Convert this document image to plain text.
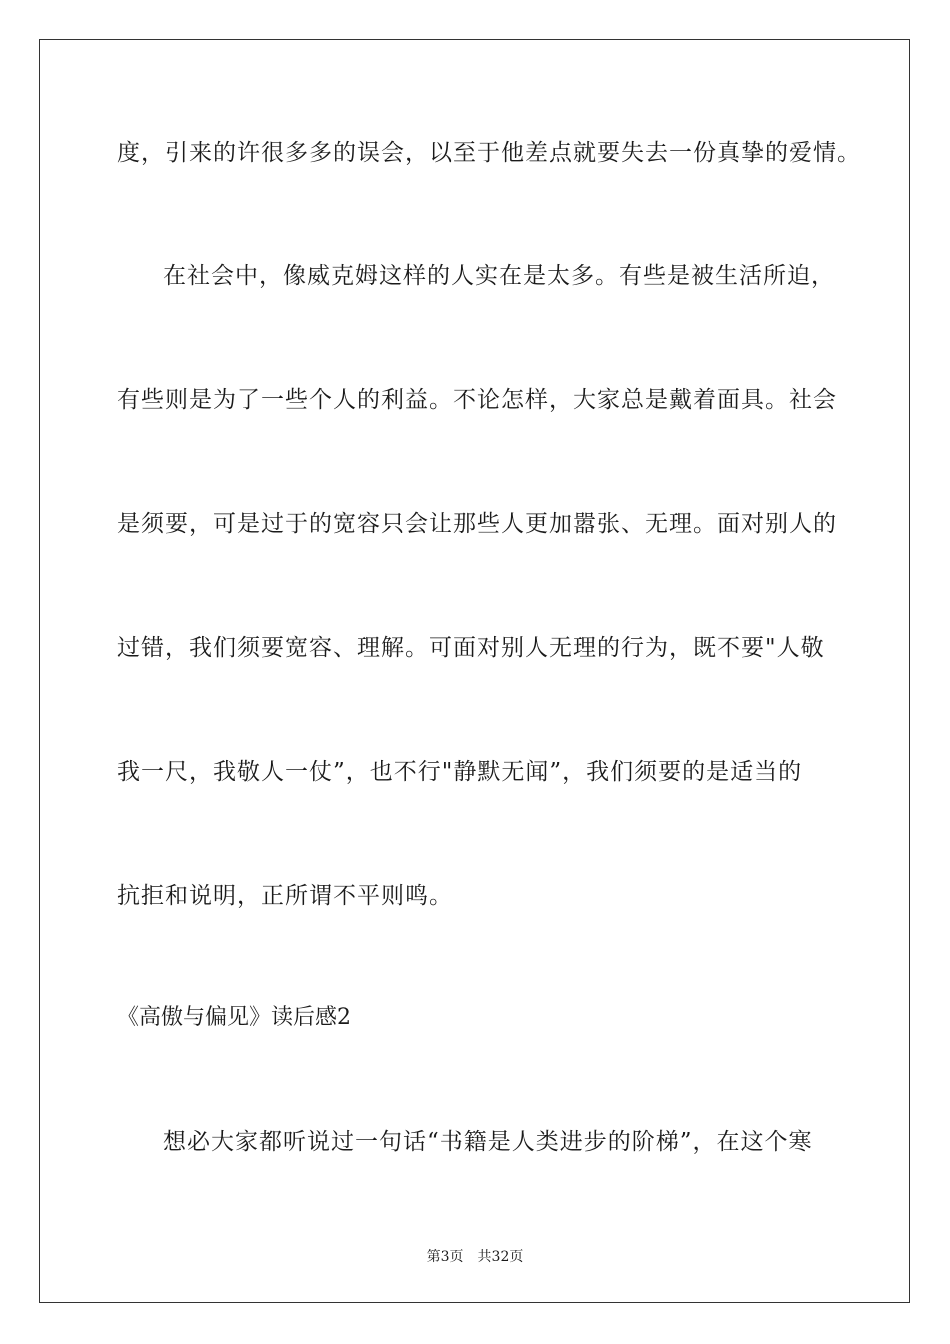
度，引来的许很多多的误会，以至于他差点就要失去一份真挚的爱情。
在社会中，像威克姆这样的人实在是太多。有些是被生活所迫，
有些则是为了一些个人的利益。不论怎样，大家总是戴着面具。社会
是须要，可是过于的宽容只会让那些人更加嚣张、无理。面对别人的
过错，我们须要宽容、理解。可面对别人无理的行为，既不要"人敬
我一尺，我敬人一仗”，也不行"静默无闻”，我们须要的是适当的
抗拒和说明，正所谓不平则鸣。
《高傲与偏见》读后感2
想必大家都听说过一句话“书籍是人类进步的阶梯”，在这个寒
第3页 共32页
